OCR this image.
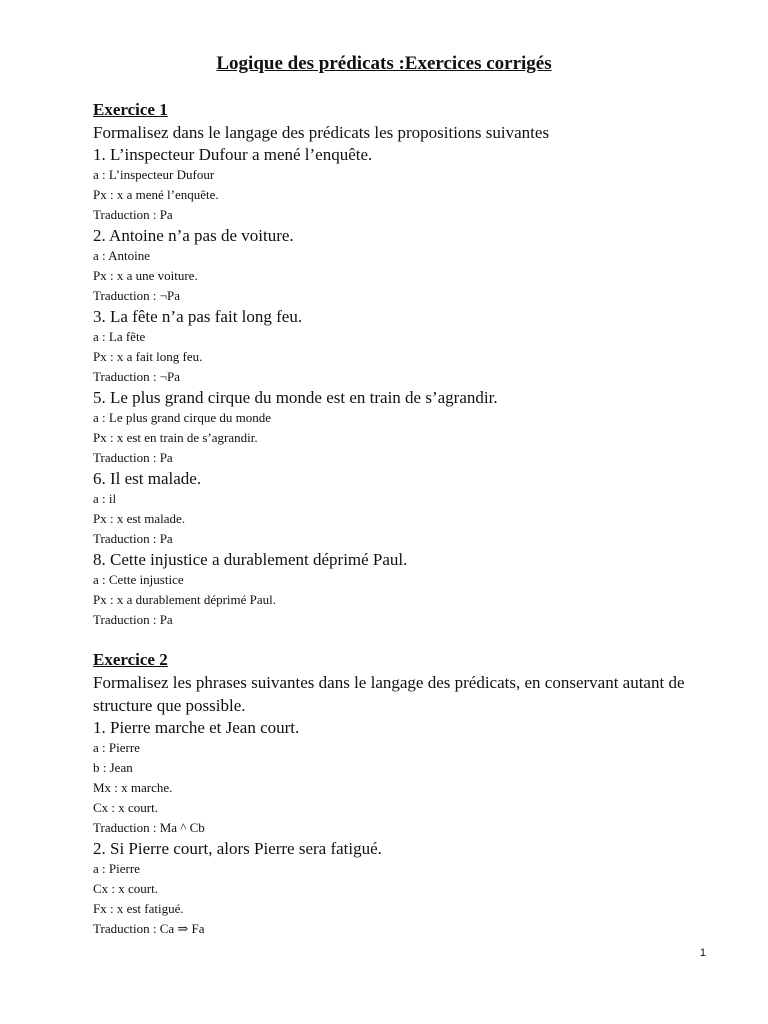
Logique des prédicats :Exercices corrigés
Exercice 1

Formalisez dans le langage des prédicats les propositions suivantes

1. L’inspecteur Dufour a mené l’enquête.

a : L’inspecteur Dufour

Px : x a mené l’enquête.

Traduction : Pa

2. Antoine n’a pas de voiture.

a : Antoine

Px : x a une voiture.

Traduction : ¬Pa

3. La fête n’a pas fait long feu.

a : La fête

Px : x a fait long feu.

Traduction : ¬Pa

5. Le plus grand cirque du monde est en train de s’agrandir.

a : Le plus grand cirque du monde

Px : x est en train de s’agrandir.

Traduction : Pa

6. Il est malade.

a : il

Px : x est malade.

Traduction : Pa

8. Cette injustice a durablement déprimé Paul.

a : Cette injustice

Px : x a durablement déprimé Paul.

Traduction : Pa

Exercice 2

Formalisez les phrases suivantes dans le langage des prédicats, en conservant autant de structure que possible.

1. Pierre marche et Jean court.

a : Pierre

b : Jean

Mx : x marche.

Cx : x court.

Traduction : Ma ^ Cb

2. Si Pierre court, alors Pierre sera fatigué.

a : Pierre

Cx : x court.

Fx : x est fatigué.

Traduction : Ca ⇒ Fa

1
